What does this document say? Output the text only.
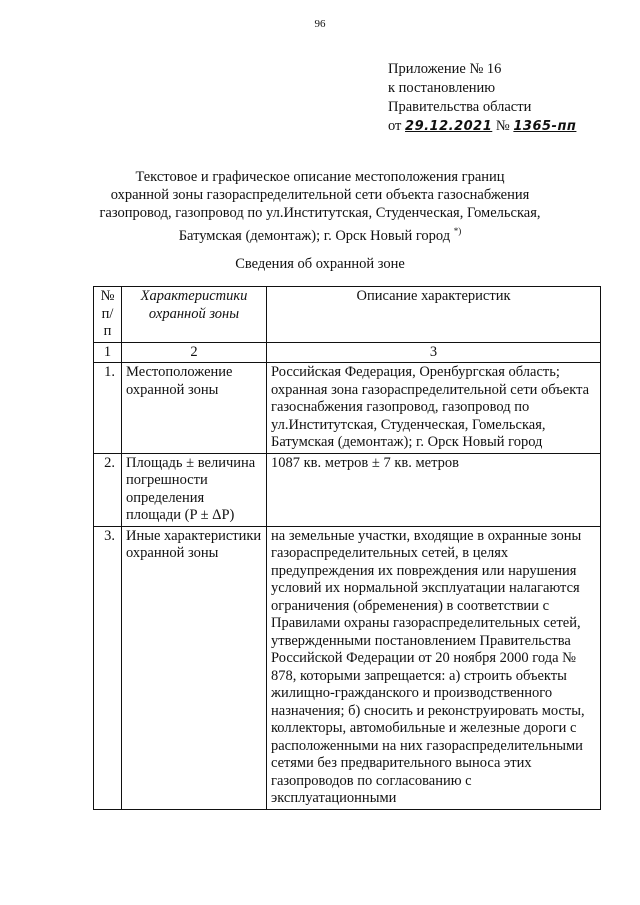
96
Приложение № 16
к постановлению
Правительства области
от 29.12.2021 № 1365-пп
Текстовое и графическое описание местоположения границ
охранной зоны газораспределительной сети объекта газоснабжения
газопровод, газопровод по ул.Институтская, Студенческая, Гомельская,
Батумская (демонтаж); г. Орск Новый город *)
Сведения об охранной зоне
№ п/п	Характеристики охранной зоны	Описание характеристик
1	2	3
1.	Местоположение охранной зоны	Российская Федерация, Оренбургская область; охранная зона газораспределительной сети объекта газоснабжения газопровод, газопровод по ул.Институтская, Студенческая, Гомельская, Батумская (демонтаж); г. Орск Новый город
2.	Площадь ± величина погрешности определения площади (P ± ΔP)	1087 кв. метров ± 7 кв. метров
3.	Иные характеристики охранной зоны	на земельные участки, входящие в охранные зоны газораспределительных сетей, в целях предупреждения их повреждения или нарушения условий их нормальной эксплуатации налагаются ограничения (обременения) в соответствии с Правилами охраны газораспределительных сетей, утвержденными постановлением Правительства Российской Федерации от 20 ноября 2000 года № 878, которыми запрещается: а) строить объекты жилищно-гражданского и производственного назначения; б) сносить и реконструировать мосты, коллекторы, автомобильные и железные дороги с расположенными на них газораспределительными сетями без предварительного выноса этих газопроводов по согласованию с эксплуатационными
